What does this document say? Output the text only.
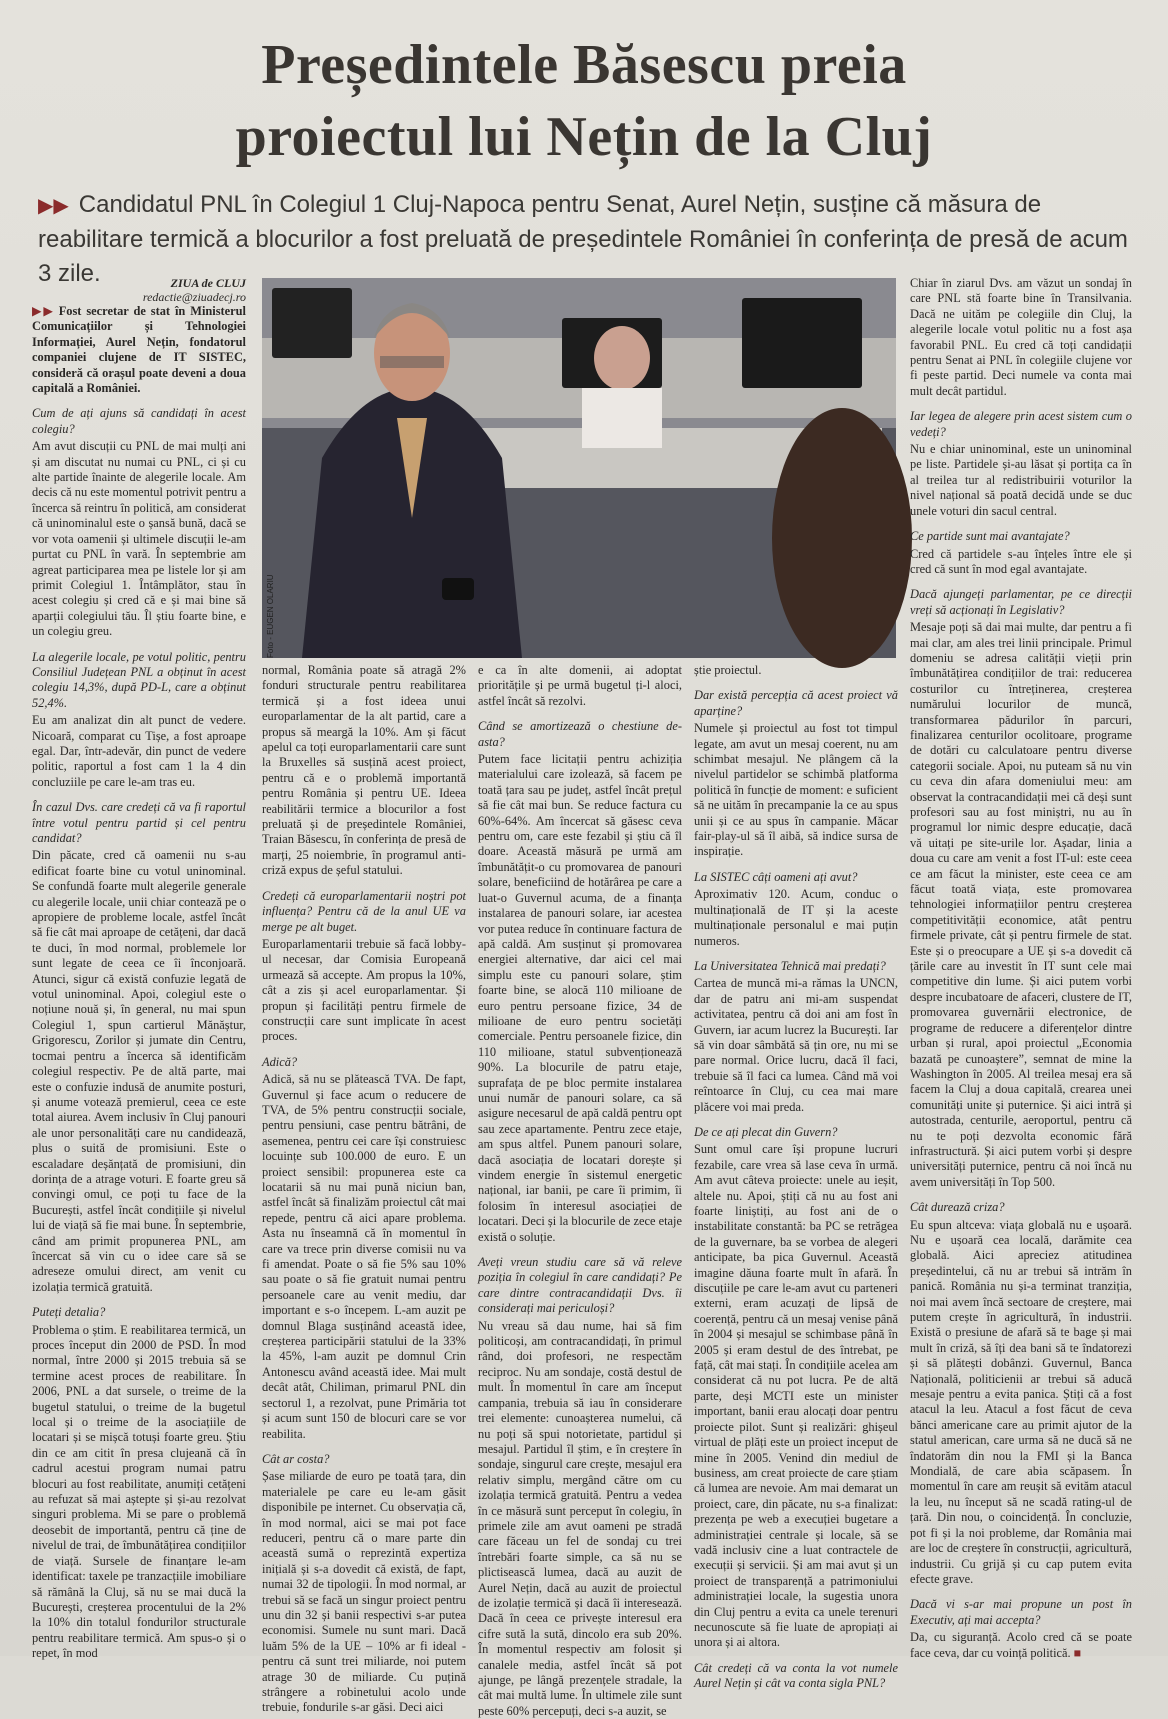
Președintele Băsescu preia
proiectul lui Nețin de la Cluj
▶▶ Candidatul PNL în Colegiul 1 Cluj-Napoca pentru Senat, Aurel Nețin, susține că măsura de reabilitare termică a blocurilor a fost preluată de președintele României în conferința de presă de acum 3 zile.	ZIUA de CLUJ
redactie@ziuadecj.ro

▶▶ Fost secretar de stat în Ministerul Comunicațiilor și Tehnologiei Informației, Aurel Nețin, fondatorul companiei clujene de IT SISTEC, consideră că orașul poate deveni a doua capitală a României.

Cum de ați ajuns să candidați în acest colegiu?

Am avut discuții cu PNL de mai mulți ani și am discutat nu numai cu PNL, ci și cu alte partide înainte de alegerile locale. Am decis că nu este momentul potrivit pentru a încerca să reintru în politică, am considerat că uninominalul este o șansă bună, dacă se vor vota oamenii și ultimele discuții le-am purtat cu PNL în vară. În septembrie am agreat participarea mea pe listele lor și am primit Colegiul 1. Întâmplător, stau în acest colegiu și cred că e și mai bine să aparții colegiului tău. Îl știu foarte bine, e un colegiu greu.

La alegerile locale, pe votul politic, pentru Consiliul Județean PNL a obținut în acest colegiu 14,3%, după PD-L, care a obținut 52,4%.

Eu am analizat din alt punct de vedere. Nicoară, comparat cu Tișe, a fost aproape egal. Dar, într-adevăr, din punct de vedere politic, raportul a fost cam 1 la 4 din concluziile pe care le-am tras eu.

În cazul Dvs. care credeți că va fi raportul între votul pentru partid și cel pentru candidat?

Din păcate, cred că oamenii nu s-au edificat foarte bine cu votul uninominal. Se confundă foarte mult alegerile generale cu alegerile locale, unii chiar contează pe o apropiere de probleme locale, astfel încât să fie cât mai aproape de cetățeni, dar dacă te duci, în mod normal, problemele lor sunt legate de ceea ce îi înconjoară. Atunci, sigur că există confuzie legată de votul uninominal. Apoi, colegiul este o noțiune nouă și, în general, nu mai spun Colegiul 1, spun cartierul Mănăștur, Grigorescu, Zorilor și jumate din Centru, tocmai pentru a încerca să identificăm colegiul respectiv. Pe de altă parte, mai este o confuzie indusă de anumite posturi, și anume votează premierul, ceea ce este total aiurea. Avem inclusiv în Cluj panouri ale unor personalități care nu candidează, plus o suită de promisiuni. Este o escaladare deșănțată de promisiuni, din dorința de a atrage voturi. E foarte greu să convingi omul, ce poți tu face de la București, astfel încât condițiile și nivelul lui de viață să fie mai bune. În septembrie, când am primit propunerea PNL, am încercat să vin cu o idee care să se adreseze omului direct, am venit cu izolația termică gratuită.

Puteți detalia?

Problema o știm. E reabilitarea termică, un proces început din 2000 de PSD. În mod normal, între 2000 și 2015 trebuia să se termine acest proces de reabilitare. În 2006, PNL a dat sursele, o treime de la bugetul statului, o treime de la bugetul local și o treime de la asociațiile de locatari și se mișcă totuși foarte greu. Știu din ce am citit în presa clujeană că în cadrul acestui program numai patru blocuri au fost reabilitate, anumiți cetățeni au refuzat să mai aștepte și și-au rezolvat singuri problema. Mi se pare o problemă deosebit de importantă, pentru că ține de nivelul de trai, de îmbunătățirea condițiilor de viață. Sursele de finanțare le-am identificat: taxele pe tranzacțiile imobiliare să rămână la Cluj, să nu se mai ducă la București, creșterea procentului de la 2% la 10% din totalul fondurilor structurale pentru reabilitare termică. Am spus-o și o repet, în mod

Foto - EUGEN OLARIU

normal, România poate să atragă 2% fonduri structurale pentru reabilitarea termică și a fost ideea unui europarlamentar de la alt partid, care a propus să meargă la 10%. Am și făcut apelul ca toți europarlamentarii care sunt la Bruxelles să susțină acest proiect, pentru că e o problemă importantă pentru România și pentru UE. Ideea reabilitării termice a blocurilor a fost preluată și de președintele României, Traian Băsescu, în conferința de presă de marți, 25 noiembrie, în programul anti-criză expus de șeful statului.

Credeți că europarlamentarii noștri pot influența? Pentru că de la anul UE va merge pe alt buget.

Europarlamentarii trebuie să facă lobby-ul necesar, dar Comisia Europeană urmează să accepte. Am propus la 10%, cât a zis și acel europarlamentar. Și propun și facilități pentru firmele de construcții care sunt implicate în acest proces.

Adică?

Adică, să nu se plătească TVA. De fapt, Guvernul și face acum o reducere de TVA, de 5% pentru construcții sociale, pentru pensiuni, case pentru bătrâni, de asemenea, pentru cei care își construiesc locuințe sub 100.000 de euro. E un proiect sensibil: propunerea este ca locatarii să nu mai pună niciun ban, astfel încât să finalizăm proiectul cât mai repede, pentru că aici apare problema. Asta nu înseamnă că în momentul în care va trece prin diverse comisii nu va fi amendat. Poate o să fie 5% sau 10% sau poate o să fie gratuit numai pentru persoanele care au venit mediu, dar important e s-o începem. L-am auzit pe domnul Blaga susținând această idee, creșterea participării statului de la 33% la 45%, l-am auzit pe domnul Crin Antonescu având această idee. Mai mult decât atât, Chiliman, primarul PNL din sectorul 1, a rezolvat, pune Primăria tot și acum sunt 150 de blocuri care se vor reabilita.

Cât ar costa?

Șase miliarde de euro pe toată țara, din materialele pe care eu le-am găsit disponibile pe internet. Cu observația că, în mod normal, aici se mai pot face reduceri, pentru că o mare parte din această sumă o reprezintă expertiza inițială și s-a dovedit că există, de fapt, numai 32 de tipologii. În mod normal, ar trebui să se facă un singur proiect pentru unu din 32 și banii respectivi s-ar putea economisi. Sumele nu sunt mari. Dacă luăm 5% de la UE – 10% ar fi ideal - pentru că sunt trei miliarde, noi putem atrage 30 de miliarde. Cu puțină strângere a robinetului acolo unde trebuie, fondurile s-ar găsi. Deci aici

e ca în alte domenii, ai adoptat prioritățile și pe urmă bugetul ți-l aloci, astfel încât să rezolvi.

Când se amortizează o chestiune de-asta?

Putem face licitații pentru achiziția materialului care izolează, să facem pe toată țara sau pe județ, astfel încât prețul să fie cât mai bun. Se reduce factura cu 60%-64%. Am încercat să găsesc ceva pentru om, care este fezabil și știu că îl doare. Această măsură pe urmă am îmbunătățit-o cu promovarea de panouri solare, beneficiind de hotărârea pe care a luat-o Guvernul acuma, de a finanța instalarea de panouri solare, iar acestea vor putea reduce în continuare factura de apă caldă. Am susținut și promovarea energiei alternative, dar aici cel mai simplu este cu panouri solare, știm foarte bine, se alocă 110 milioane de euro pentru persoane fizice, 34 de milioane de euro pentru societăți comerciale. Pentru persoanele fizice, din 110 milioane, statul subvenționează 90%. La blocurile de patru etaje, suprafața de pe bloc permite instalarea unui număr de panouri solare, ca să asigure necesarul de apă caldă pentru opt sau zece apartamente. Pentru zece etaje, am spus altfel. Punem panouri solare, dacă asociația de locatari dorește și vindem energie în sistemul energetic național, iar banii, pe care îi primim, îi folosim în interesul asociației de locatari. Deci și la blocurile de zece etaje există o soluție.

Aveți vreun studiu care să vă releve poziția în colegiul în care candidați? Pe care dintre contracandidații Dvs. îi considerați mai periculoși?

Nu vreau să dau nume, hai să fim politicoși, am contracandidați, în primul rând, doi profesori, ne respectăm reciproc. Nu am sondaje, costă destul de mult. În momentul în care am început campania, trebuia să iau în considerare trei elemente: cunoașterea numelui, că nu poți să spui notorietate, partidul și mesajul. Partidul îl știm, e în creștere în sondaje, singurul care crește, mesajul era relativ simplu, mergând către om cu izolația termică gratuită. Pentru a vedea în ce măsură sunt perceput în colegiu, în primele zile am avut oameni pe stradă care făceau un fel de sondaj cu trei întrebări foarte simple, ca să nu se plictisească lumea, dacă au auzit de Aurel Nețin, dacă au auzit de proiectul de izolație termică și dacă îi interesează. Dacă în ceea ce privește interesul era cifre sută la sută, dincolo era sub 20%. În momentul respectiv am folosit și canalele media, astfel încât să pot ajunge, pe lângă prezențele stradale, la cât mai multă lume. În ultimele zile sunt peste 60% percepuți, deci s-a auzit, se

știe proiectul.

Dar există percepția că acest proiect vă aparține?

Numele și proiectul au fost tot timpul legate, am avut un mesaj coerent, nu am schimbat mesajul. Ne plângem că la nivelul partidelor se schimbă platforma politică în funcție de moment: e suficient să ne uităm în precampanie la ce au spus unii și ce au spus în campanie. Măcar fair-play-ul să îl aibă, să indice sursa de inspirație.

La SISTEC câți oameni ați avut?

Aproximativ 120. Acum, conduc o multinațională de IT și la aceste multinaționale personalul e mai puțin numeros.

La Universitatea Tehnică mai predați?

Cartea de muncă mi-a rămas la UNCN, dar de patru ani mi-am suspendat activitatea, pentru că doi ani am fost în Guvern, iar acum lucrez la București. Iar să vin doar sâmbătă să țin ore, nu mi se pare normal. Orice lucru, dacă îl faci, trebuie să îl faci ca lumea. Când mă voi reîntoarce în Cluj, cu cea mai mare plăcere voi mai preda.

De ce ați plecat din Guvern?

Sunt omul care își propune lucruri fezabile, care vrea să lase ceva în urmă. Am avut câteva proiecte: unele au ieșit, altele nu. Apoi, știți că nu au fost ani foarte liniștiți, au fost ani de o instabilitate constantă: ba PC se retrăgea de la guvernare, ba se vorbea de alegeri anticipate, ba pica Guvernul. Această imagine dăuna foarte mult în afară. În discuțiile pe care le-am avut cu parteneri externi, eram acuzați de lipsă de coerență, pentru că un mesaj venise până în 2004 și mesajul se schimbase până în 2005 și eram destul de des întrebat, pe față, cât mai stați. În condițiile acelea am considerat că nu pot lucra. Pe de altă parte, deși MCTI este un minister important, banii erau alocați doar pentru proiecte pilot. Sunt și realizări: ghișeul virtual de plăți este un proiect inceput de mine în 2005. Venind din mediul de business, am creat proiecte de care știam că lumea are nevoie. Am mai demarat un proiect, care, din păcate, nu s-a finalizat: prezența pe web a execuției bugetare a administrației centrale și locale, să se vadă inclusiv cine a luat contractele de execuții și servicii. Și am mai avut și un proiect de transparență a patrimoniului administrației locale, la sugestia unora din Cluj pentru a evita ca unele terenuri necunoscute să fie luate de apropiați ai unora și ai altora.

Cât credeți că va conta la vot numele Aurel Nețin și cât va conta sigla PNL?

Chiar în ziarul Dvs. am văzut un sondaj în care PNL stă foarte bine în Transilvania. Dacă ne uităm pe colegiile din Cluj, la alegerile locale votul politic nu a fost așa favorabil PNL. Eu cred că toți candidații pentru Senat ai PNL în colegiile clujene vor fi peste partid. Deci numele va conta mai mult decât partidul.

Iar legea de alegere prin acest sistem cum o vedeți?

Nu e chiar uninominal, este un uninominal pe liste. Partidele și-au lăsat și portița ca în al treilea tur al redistribuirii voturilor la nivel național să poată decidă unde se duc unele voturi din sacul central.

Ce partide sunt mai avantajate?

Cred că partidele s-au înțeles între ele și cred că sunt în mod egal avantajate.

Dacă ajungeți parlamentar, pe ce direcții vreți să acționați în Legislativ?

Mesaje poți să dai mai multe, dar pentru a fi mai clar, am ales trei linii principale. Primul domeniu se adresa calității vieții prin îmbunătățirea condițiilor de trai: reducerea costurilor cu întreținerea, creșterea numărului locurilor de muncă, transformarea pădurilor în parcuri, finalizarea centurilor ocolitoare, programe de dotări cu calculatoare pentru diverse categorii sociale. Apoi, nu puteam să nu vin cu ceva din afara domeniului meu: am observat la contracandidații mei că deși sunt profesori sau au fost miniștri, nu au în programul lor nimic despre educație, dacă vă uitați pe site-urile lor. Așadar, linia a doua cu care am venit a fost IT-ul: este ceea ce am făcut la minister, este ceea ce am făcut toată viața, este promovarea tehnologiei informațiilor pentru creșterea competitivității economice, atât pentru firmele private, cât și pentru firmele de stat. Este și o preocupare a UE și s-a dovedit că țările care au investit în IT sunt cele mai competitive din lume. Și aici putem vorbi despre incubatoare de afaceri, clustere de IT, promovarea guvernării electronice, de programe de reducere a diferențelor dintre urban și rural, apoi proiectul „Economia bazată pe cunoaștere”, semnat de mine la Washington în 2005. Al treilea mesaj era să facem la Cluj a doua capitală, crearea unei comunități unite și puternice. Și aici intră și autostrada, centurile, aeroportul, pentru că nu te poți dezvolta economic fără infrastructură. Și aici putem vorbi și despre universități puternice, pentru că noi încă nu avem universități în Top 500.

Cât durează criza?

Eu spun altceva: viața globală nu e ușoară. Nu e ușoară cea locală, darămite cea globală. Aici apreciez atitudinea președintelui, că nu ar trebui să intrăm în panică. România nu și-a terminat tranziția, noi mai avem încă sectoare de creștere, mai putem crește în agricultură, în industrii. Există o presiune de afară să te bage și mai mult în criză, să îți dea bani să te îndatorezi și să plătești dobânzi. Guvernul, Banca Națională, politicienii ar trebui să aducă mesaje pentru a evita panica. Știți că a fost atacul la leu. Atacul a fost făcut de ceva bănci americane care au primit ajutor de la statul american, care urma să ne ducă să ne îndatorăm din nou la FMI și la Banca Mondială, de care abia scăpasem. În momentul în care am reușit să evităm atacul la leu, nu început să ne scadă rating-ul de țară. Din nou, o coincidență. În concluzie, pot fi și la noi probleme, dar România mai are loc de creștere în construcții, agricultură, industrii. Cu grijă și cu cap putem evita efecte grave.

Dacă vi s-ar mai propune un post în Executiv, ați mai accepta?

Da, cu siguranță. Acolo cred că se poate face ceva, dar cu voință politică. ■
